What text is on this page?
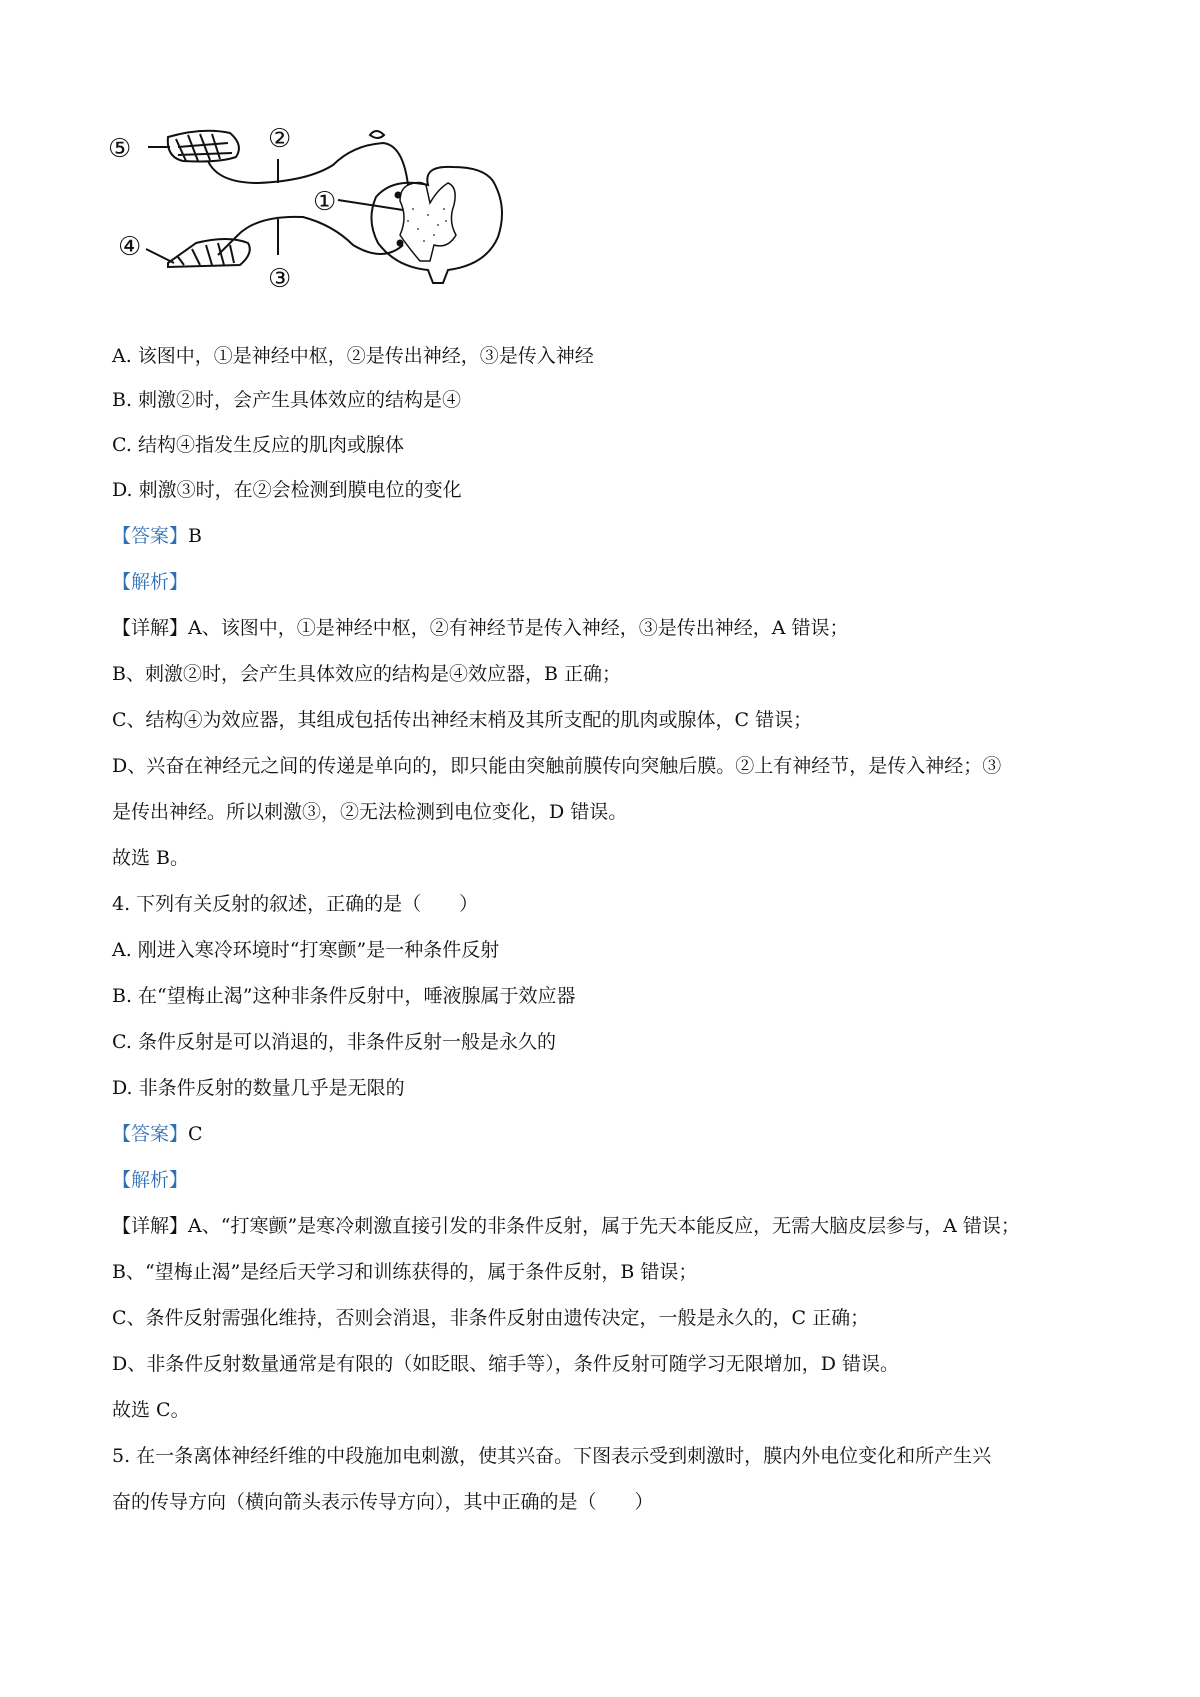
⑤	②
①
④
③
A. 该图中，①是神经中枢，②是传出神经，③是传入神经
B. 刺激②时，会产生具体效应的结构是④
C. 结构④指发生反应的肌肉或腺体
D. 刺激③时，在②会检测到膜电位的变化
【答案】B
【解析】
【详解】A、该图中，①是神经中枢，②有神经节是传入神经，③是传出神经，A 错误；
B、刺激②时，会产生具体效应的结构是④效应器，B 正确；
C、结构④为效应器，其组成包括传出神经末梢及其所支配的肌肉或腺体，C 错误；
D、兴奋在神经元之间的传递是单向的，即只能由突触前膜传向突触后膜。②上有神经节，是传入神经；③
是传出神经。所以刺激③，②无法检测到电位变化，D 错误。
故选 B。
4. 下列有关反射的叙述，正确的是（　　）
A. 刚进入寒冷环境时“打寒颤”是一种条件反射
B. 在“望梅止渴”这种非条件反射中，唾液腺属于效应器
C. 条件反射是可以消退的，非条件反射一般是永久的
D. 非条件反射的数量几乎是无限的
【答案】C
【解析】
【详解】A、“打寒颤”是寒冷刺激直接引发的非条件反射，属于先天本能反应，无需大脑皮层参与，A 错误；
B、“望梅止渴”是经后天学习和训练获得的，属于条件反射，B 错误；
C、条件反射需强化维持，否则会消退，非条件反射由遗传决定，一般是永久的，C 正确；
D、非条件反射数量通常是有限的（如眨眼、缩手等），条件反射可随学习无限增加，D 错误。
故选 C。
5. 在一条离体神经纤维的中段施加电刺激，使其兴奋。下图表示受到刺激时，膜内外电位变化和所产生兴
奋的传导方向（横向箭头表示传导方向），其中正确的是（　　）
